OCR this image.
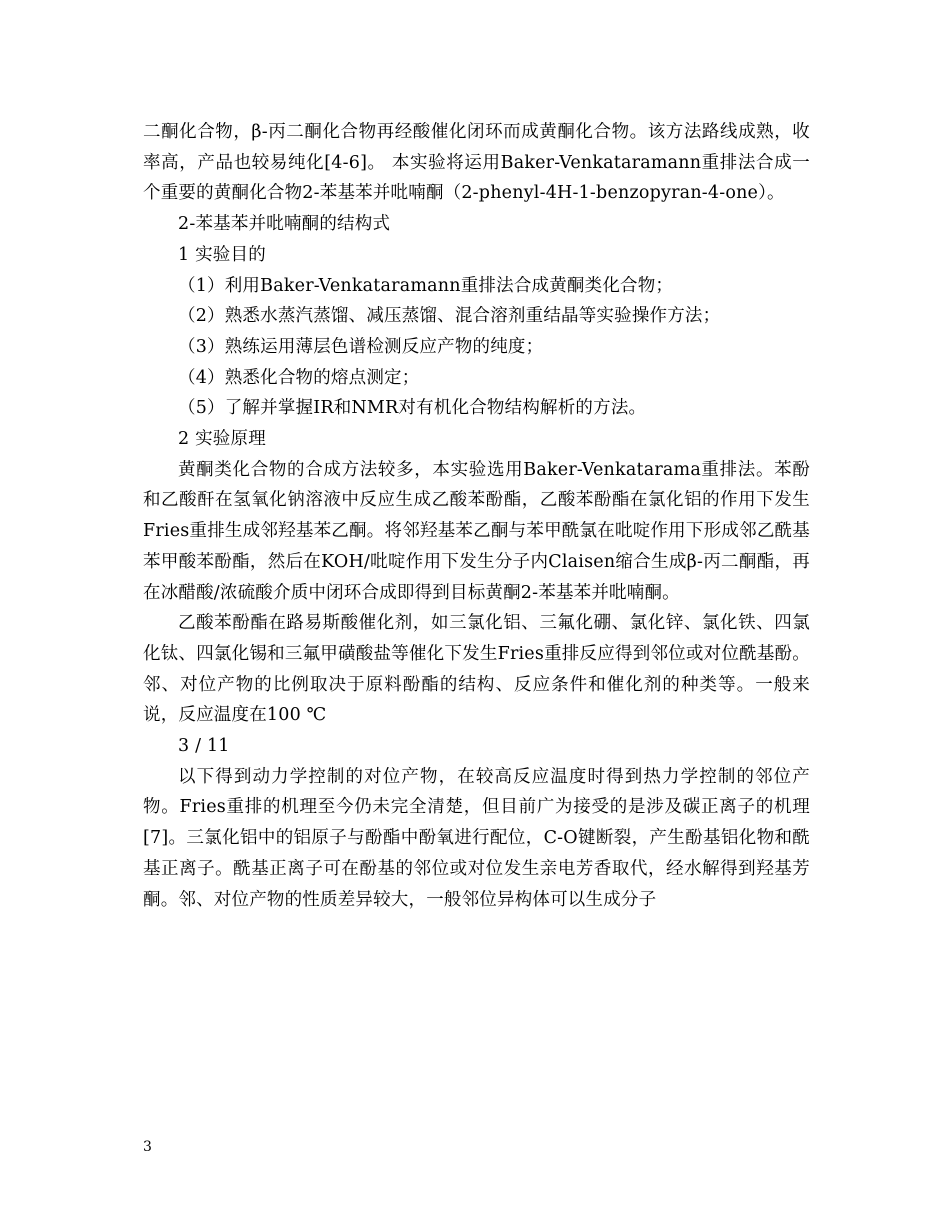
二酮化合物，β-丙二酮化合物再经酸催化闭环而成黄酮化合物。该方法路线成熟，收率高，产品也较易纯化[4-6]。 本实验将运用Baker-Venkataramann重排法合成一个重要的黄酮化合物2-苯基苯并吡喃酮（2-phenyl-4H-1-benzopyran-4-one）。

2-苯基苯并吡喃酮的结构式

1 实验目的

（1）利用Baker-Venkataramann重排法合成黄酮类化合物；

（2）熟悉水蒸汽蒸馏、减压蒸馏、混合溶剂重结晶等实验操作方法；

（3）熟练运用薄层色谱检测反应产物的纯度；

（4）熟悉化合物的熔点测定；

（5）了解并掌握IR和NMR对有机化合物结构解析的方法。

2 实验原理

黄酮类化合物的合成方法较多，本实验选用Baker-Venkatarama重排法。苯酚和乙酸酐在氢氧化钠溶液中反应生成乙酸苯酚酯，乙酸苯酚酯在氯化铝的作用下发生Fries重排生成邻羟基苯乙酮。将邻羟基苯乙酮与苯甲酰氯在吡啶作用下形成邻乙酰基苯甲酸苯酚酯，然后在KOH/吡啶作用下发生分子内Claisen缩合生成β-丙二酮酯，再在冰醋酸/浓硫酸介质中闭环合成即得到目标黄酮2-苯基苯并吡喃酮。

乙酸苯酚酯在路易斯酸催化剂，如三氯化铝、三氟化硼、氯化锌、氯化铁、四氯化钛、四氯化锡和三氟甲磺酸盐等催化下发生Fries重排反应得到邻位或对位酰基酚。邻、对位产物的比例取决于原料酚酯的结构、反应条件和催化剂的种类等。一般来说，反应温度在100 ℃

3 / 11

以下得到动力学控制的对位产物，在较高反应温度时得到热力学控制的邻位产物。Fries重排的机理至今仍未完全清楚，但目前广为接受的是涉及碳正离子的机理[7]。三氯化铝中的铝原子与酚酯中酚氧进行配位，C-O键断裂，产生酚基铝化物和酰基正离子。酰基正离子可在酚基的邻位或对位发生亲电芳香取代，经水解得到羟基芳酮。邻、对位产物的性质差异较大，一般邻位异构体可以生成分子

3
